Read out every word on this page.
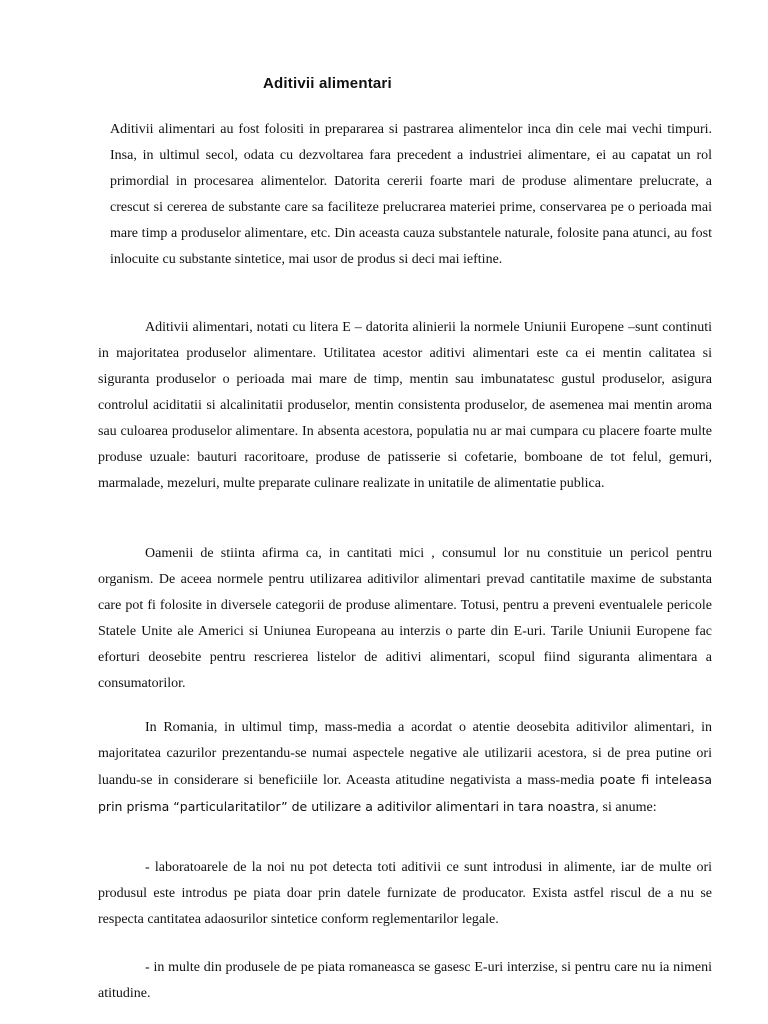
Aditivii alimentari

Aditivii alimentari au fost folositi in prepararea si pastrarea alimentelor inca din cele mai vechi timpuri. Insa, in ultimul secol, odata cu dezvoltarea fara precedent a industriei alimentare, ei au capatat un rol primordial in procesarea alimentelor. Datorita cererii foarte mari de produse alimentare prelucrate, a crescut si cererea de substante care sa faciliteze prelucrarea materiei prime, conservarea pe o perioada mai mare timp a produselor alimentare, etc. Din aceasta cauza substantele naturale, folosite pana atunci, au fost inlocuite cu substante sintetice, mai usor de produs si deci mai ieftine.

Aditivii alimentari, notati cu litera E – datorita alinierii la normele Uniunii Europene –sunt continuti in majoritatea produselor alimentare. Utilitatea acestor aditivi alimentari este ca ei mentin calitatea si siguranta produselor o perioada mai mare de timp, mentin sau imbunatatesc gustul produselor, asigura controlul aciditatii si alcalinitatii produselor, mentin consistenta produselor, de asemenea mai mentin aroma sau culoarea produselor alimentare. In absenta acestora, populatia nu ar mai cumpara cu placere foarte multe produse uzuale: bauturi racoritoare, produse de patisserie si cofetarie, bomboane de tot felul, gemuri, marmalade, mezeluri, multe preparate culinare realizate in unitatile de alimentatie publica.

Oamenii de stiinta afirma ca, in cantitati mici , consumul lor nu constituie un pericol pentru organism. De aceea normele pentru utilizarea aditivilor alimentari prevad cantitatile maxime de substanta care pot fi folosite in diversele categorii de produse alimentare. Totusi, pentru a preveni eventualele pericole Statele Unite ale Americi si Uniunea Europeana au interzis o parte din E-uri. Tarile Uniunii Europene fac eforturi deosebite pentru rescrierea listelor de aditivi alimentari, scopul fiind siguranta alimentara a consumatorilor.

In Romania, in ultimul timp, mass-media a acordat o atentie deosebita aditivilor alimentari, in majoritatea cazurilor prezentandu-se numai aspectele negative ale utilizarii acestora, si de prea putine ori luandu-se in considerare si beneficiile lor. Aceasta atitudine negativista a mass-media poate fi inteleasa prin prisma “particularitatilor” de utilizare a aditivilor alimentari in tara noastra, si anume:

- laboratoarele de la noi nu pot detecta toti aditivii ce sunt introdusi in alimente, iar de multe ori produsul este introdus pe piata doar prin datele furnizate de producator. Exista astfel riscul de a nu se respecta cantitatea adaosurilor sintetice conform reglementarilor legale.

- in multe din produsele de pe piata romaneasca se gasesc E-uri interzise, si pentru care nu ia nimeni atitudine.
